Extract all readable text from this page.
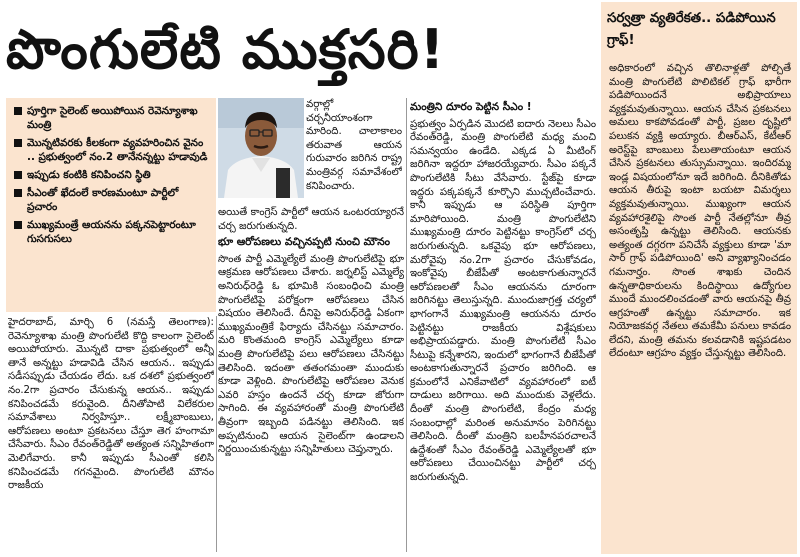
పొంగులేటి ముక్తసరి!
పూర్తిగా సైలెంట్ అయిపోయిన రెవెన్యూశాఖ మంత్రి
మొన్నటివరకు కీలకంగా వ్యవహరించిన వైనం .. ప్రభుత్వంలో నం.2 తానేనన్నట్టు హడావుడి
ఇప్పుడు కంటికి కనిపించని స్థితి
సీఎంతో ఖేదంలే కారణమంటూ పార్టీలో ప్రచారం
ముఖ్యమంత్రే ఆయనను పక్కనపెట్టారంటూ గుసగుసలు

వర్గాల్లో చర్చనీయాంశంగా మారింది. చాలాకాలం తరువాత ఆయన గురువారం జరిగిన రాష్ట్ర మంత్రివర్గ సమావేశంలో కనిపించారు.

హైదరాబాద్, మార్చి 6 (నమస్తే తెలంగాణ): రెవెన్యూశాఖ మంత్రి పొంగులేటి కొద్ది కాలంగా సైలెంట్ అయిపోయారు. మొన్నటి దాకా ప్రభుత్వంలో అన్నీ తానే అన్నట్టు హడావిడి చేసిన ఆయన.. ఇప్పుడు సడీసప్పుడు చేయడం లేదు. ఒక దశలో ప్రభుత్వంలో నం.2గా ప్రచారం చేసుకున్న ఆయన.. ఇప్పుడు కనిపించడమే కరువైంది. దీనితోపాటి విలేకరుల సమావేశాలు నిర్వహిస్తూ.. లక్ష్మీబాంబులు, ఆరోపణలు అంటూ ప్రకటనలు చేస్తూ తెగ హంగామా చేసేవారు. సీఎం రేవంత్‌రెడ్డితో అత్యంత సన్నిహితంగా మెలిగేవారు. కానీ ఇప్పుడు సీఎంతో కలిసి కనిపించడమే గగనమైంది. పొంగులేటి మౌనం రాజకీయ

అయితే కాంగ్రెస్ పార్టీలో ఆయన ఒంటరయ్యారనే చర్చ జరుగుతున్నది.

భూ ఆరోపణలు వచ్చినప్పటి నుంచి మౌనం

సొంత పార్టీ ఎమ్మెల్యేలే మంత్రి పొంగులేటిపై భూ ఆక్రమణ ఆరోపణలు చేశారు. జర్నలిస్ట్ ఎమ్మెల్యే అనిరుధ్‌రెడ్డి ఓ భూమికి సంబంధించి మంత్రి పొంగులేటిపై పరోక్షంగా ఆరోపణలు చేసిన విషయం తెలిసిందే. దీనిపై అనిరుధ్‌రెడ్డి ఏకంగా ముఖ్యమంత్రికే ఫిర్యాదు చేసినట్టు సమాచారం. మరి కొంతమంది కాంగ్రెస్ ఎమ్మెల్యేలు కూడా మంత్రి పొంగులేటిపై పలు ఆరోపణలు చేసినట్టు తెలిసింది. ఇదంతా తతంగమంతా ముందుకు కూడా వెళ్లింది. పొంగులేటిపై ఆరోపణల వెనుక ఎవరి హస్తం ఉందనే చర్చ కూడా జోరుగా సాగింది. ఈ వ్యవహారంతో మంత్రి పొంగులేటి తీవ్రంగా ఇబ్బంది పడినట్టు తెలిసింది. ఇక అప్పటినుంచి ఆయన సైలెంట్‌గా ఉండాలని నిర్ణయించుకున్నట్టు సన్నిహితులు చెప్తున్నారు.

మంత్రిని దూరం పెట్టిన సీఎం !

ప్రభుత్వం ఏర్పడిన మొదటి ఐదారు నెలలు సీఎం రేవంత్‌రెడ్డి, మంత్రి పొంగులేటి మధ్య మంచి సమన్వయం ఉండేది. ఎక్కడ ఏ మీటింగ్ జరిగినా ఇద్దరూ హాజరయ్యేవారు. సీఎం పక్కనే పొంగులేటికి సీటు వేసేవారు. స్టేజ్‌పై కూడా ఇద్దరు పక్కపక్కనే కూర్చొని ముచ్చటించేవారు. కానీ ఇప్పుడు ఆ పరిస్థితి పూర్తిగా మారిపోయింది. మంత్రి పొంగులేటిని ముఖ్యమంత్రి దూరం పెట్టినట్టు కాంగ్రెస్‌లో చర్చ జరుగుతున్నది. ఒకవైపు భూ ఆరోపణలు, మరోవైపు నం.2గా ప్రచారం చేసుకోవడం, ఇంకోవైపు బీజేపీతో అంటకాగుతున్నారనే ఆరోపణలతో సీఎం ఆయనను దూరంగా జరిగినట్టు తెలుస్తున్నది. ముందుజాగ్రత్త చర్యలో భాగంగానే ముఖ్యమంత్రి ఆయనను దూరం పెట్టినట్టు రాజకీయ విశ్లేషకులు అభిప్రాయపడ్డారు. మంత్రి పొంగులేటి సీఎం సీటుపై కన్నేశారని, ఇందులో భాగంగానే బీజేపీతో అంటకాగుతున్నారనే ప్రచారం జరిగింది. ఆ క్రమంలోనే ఎనికేవాటిలో వ్యవహారంలో ఐటీ దాడులు జరిగాయి. అది ముందుకు వెళ్లలేదు. దీంతో మంత్రి పొంగులేటి, కేంద్రం మధ్య సంబంధాల్లో మరింత అనుమానం పెరిగినట్టు తెలిసింది. దీంతో మంత్రిని బలహీనపరచాలనే ఉద్దేశంతో సీఎం రేవంత్‌రెడ్డి ఎమ్మెల్యేలతో భూ ఆరోపణలు చేయించినట్టు పార్టీలో చర్చ జరుగుతున్నది.

సర్వత్రా వ్యతిరేకత.. పడిపోయిన గ్రాఫ్!

అధికారంలో వచ్చిన తొలినాళ్లతో పోల్చితే మంత్రి పొంగులేటి పొలిటికల్ గ్రాఫ్ భారీగా పడిపోయిందనే అభిప్రాయాలు వ్యక్తమవుతున్నాయి. ఆయన చేసిన ప్రకటనలు అమలు కాకపోవడంతో పార్టీ, ప్రజల దృష్టిలో పలుకన వ్యక్తి అయ్యారు. బీఆర్ఎస్, కేటీఆర్ అరెస్ట్‌పై బాంబులు పేలుతాయంటూ ఆయన చేసిన ప్రకటనలు తుస్సుమన్నాయి. ఇందిరమ్మ ఇండ్ల విషయంలోనూ ఇదే జరిగింది. దీనికితోడు ఆయన తీరుపై ఇంటా బయటా విమర్శలు వ్యక్తమవుతున్నాయి. ముఖ్యంగా ఆయన వ్యవహారశైలిపై సొంత పార్టీ నేతల్లోనూ తీవ్ర అసంతృప్తి ఉన్నట్టు తెలిసింది. ఆయనకు అత్యంత దగ్గరగా పనిచేసే వ్యక్తులు కూడా 'మా సార్ గ్రాఫ్ పడిపోయింది' అని వ్యాఖ్యానించడం గమనార్హం. సొంత శాఖకు చెందిన ఉన్నతాధికారులను కిందిస్థాయి ఉద్యోగుల ముందే ముందలించడంతో వారు ఆయనపై తీవ్ర ఆగ్రహంతో ఉన్నట్టు సమాచారం. ఇక నియోజకవర్గ నేతలు తమకేమీ పనులు కావడం లేదని, మంత్రి తమను కలవడానికి ఇష్టపడటం లేదంటూ ఆగ్రహం వ్యక్తం చేస్తున్నట్టు తెలిసింది.
